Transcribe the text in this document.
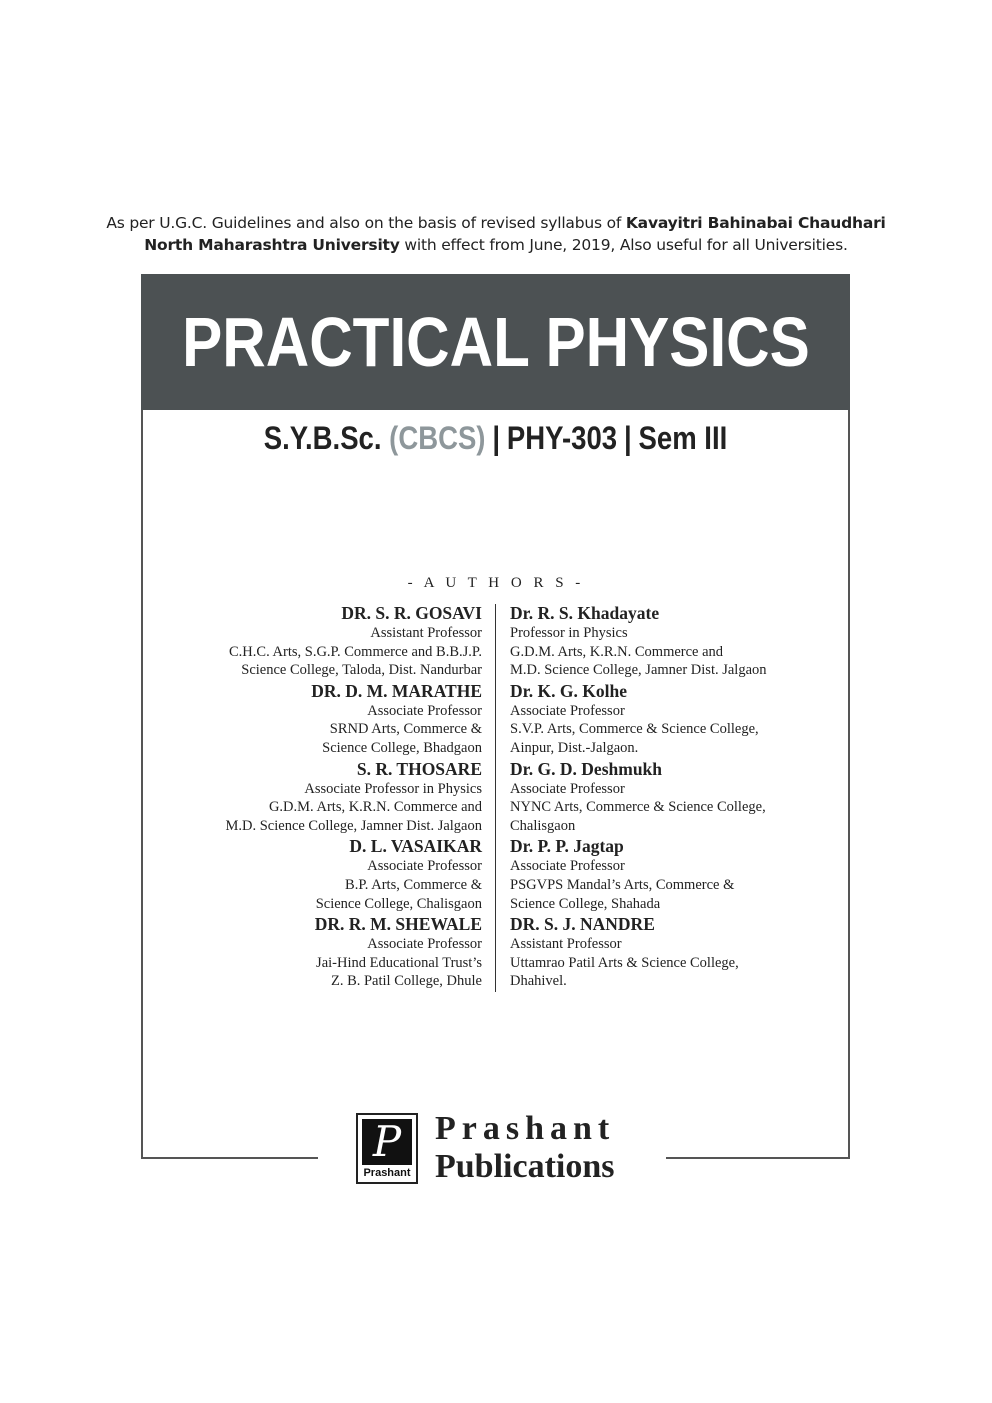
As per U.G.C. Guidelines and also on the basis of revised syllabus of Kavayitri Bahinabai Chaudhari
North Maharashtra University with effect from June, 2019, Also useful for all Universities.
PRACTICAL PHYSICS
S.Y.B.Sc. (CBCS) | PHY-303 | Sem III
- A U T H O R S -
DR. S. R. GOSAVI
Assistant Professor
C.H.C. Arts, S.G.P. Commerce and B.B.J.P.
Science College, Taloda, Dist. Nandurbar
DR. D. M. MARATHE
Associate Professor
SRND Arts, Commerce &
Science College, Bhadgaon
S. R. THOSARE
Associate Professor in Physics
G.D.M. Arts, K.R.N. Commerce and
M.D. Science College, Jamner Dist. Jalgaon
D. L. VASAIKAR
Associate Professor
B.P. Arts, Commerce &
Science College, Chalisgaon
DR. R. M. SHEWALE
Associate Professor
Jai-Hind Educational Trust’s
Z. B. Patil College, Dhule
Dr. R. S. Khadayate
Professor in Physics
G.D.M. Arts, K.R.N. Commerce and
M.D. Science College, Jamner Dist. Jalgaon
Dr. K. G. Kolhe
Associate Professor
S.V.P. Arts, Commerce & Science College,
Ainpur, Dist.-Jalgaon.
Dr. G. D. Deshmukh
Associate Professor
NYNC Arts, Commerce & Science College,
Chalisgaon
Dr. P. P. Jagtap
Associate Professor
PSGVPS Mandal’s Arts, Commerce &
Science College, Shahada
DR. S. J. NANDRE
Assistant Professor
Uttamrao Patil Arts & Science College,
Dhahivel.
P
Prashant
Prashant
Publications
